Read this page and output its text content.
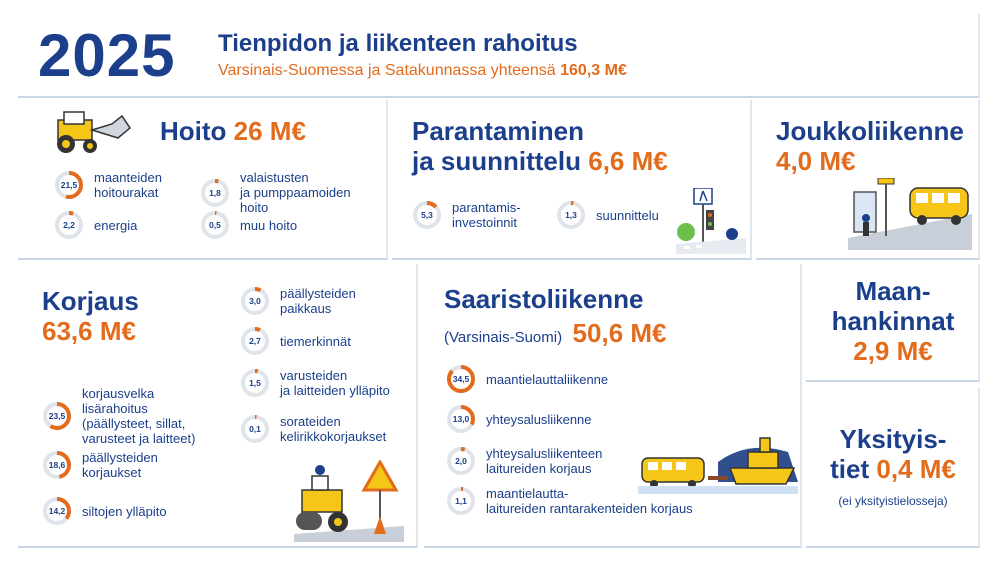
2025 Tienpidon ja liikenteen rahoitus
Varsinais-Suomessa ja Satakunnassa yhteensä 160,3 M€
Hoito 26 M€
21,5	maanteiden
hoitourakat	1,8
valaistusten
ja pumppaamoiden
hoito
2,2	energia	0,5	muu hoito
Parantaminen
ja suunnittelu 6,6 M€
5,3	parantamis-
investoinnit	1,3	suunnittelu
Joukkoliikenne
4,0 M€
Korjaus
63,6 M€
23,5
korjausvelka
lisärahoitus
(päällysteet, sillat,
varusteet ja laitteet)
18,6	päällysteiden
korjaukset
14,2	siltojen ylläpito
3,0	päällysteiden
paikkaus
2,7	tiemerkinnät
1,5	varusteiden
ja laitteiden ylläpito
0,1	sorateiden
kelirikkokorjaukset
Saaristoliikenne
(Varsinais-Suomi) 50,6 M€
34,5	maantielauttaliikenne
13,0	yhteysalusliikenne
2,0	yhteysalusliikenteen
laitureiden korjaus
1,1	maantielautta-
laitureiden rantarakenteiden korjaus
Maan-
hankinnat
2,9 M€
Yksityis-
tiet 0,4 M€
(ei yksityistielosseja)
